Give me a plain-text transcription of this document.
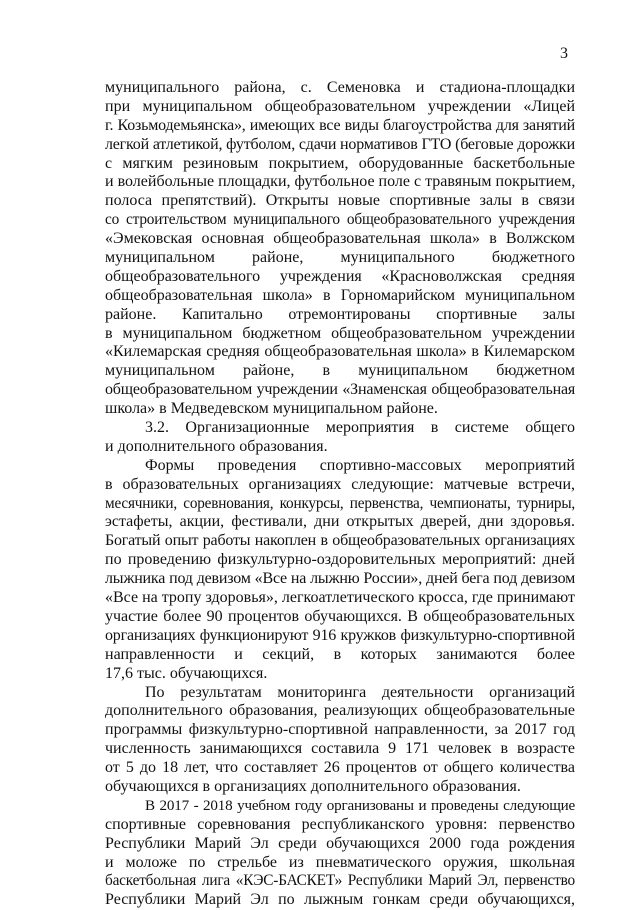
3
муниципального района, с. Семеновка и стадиона-площадки
при муниципальном общеобразовательном учреждении «Лицей
г. Козьмодемьянска», имеющих все виды благоустройства для занятий
легкой атлетикой, футболом, сдачи нормативов ГТО (беговые дорожки
с мягким резиновым покрытием, оборудованные баскетбольные
и волейбольные площадки, футбольное поле с травяным покрытием,
полоса препятствий). Открыты новые спортивные залы в связи
со строительством муниципального общеобразовательного учреждения
«Эмековская основная общеобразовательная школа» в Волжском
муниципальном районе, муниципального бюджетного
общеобразовательного учреждения «Красноволжская средняя
общеобразовательная школа» в Горномарийском муниципальном
районе. Капитально отремонтированы спортивные залы
в муниципальном бюджетном общеобразовательном учреждении
«Килемарская средняя общеобразовательная школа» в Килемарском
муниципальном районе, в муниципальном бюджетном
общеобразовательном учреждении «Знаменская общеобразовательная
школа» в Медведевском муниципальном районе.
3.2. Организационные мероприятия в системе общего
и дополнительного образования.
Формы проведения спортивно-массовых мероприятий
в образовательных организациях следующие: матчевые встречи,
месячники, соревнования, конкурсы, первенства, чемпионаты, турниры,
эстафеты, акции, фестивали, дни открытых дверей, дни здоровья.
Богатый опыт работы накоплен в общеобразовательных организациях
по проведению физкультурно-оздоровительных мероприятий: дней
лыжника под девизом «Все на лыжню России», дней бега под девизом
«Все на тропу здоровья», легкоатлетического кросса, где принимают
участие более 90 процентов обучающихся. В общеобразовательных
организациях функционируют 916 кружков физкультурно-спортивной
направленности и секций, в которых занимаются более
17,6 тыс. обучающихся.
По результатам мониторинга деятельности организаций
дополнительного образования, реализующих общеобразовательные
программы физкультурно-спортивной направленности, за 2017 год
численность занимающихся составила 9 171 человек в возрасте
от 5 до 18 лет, что составляет 26 процентов от общего количества
обучающихся в организациях дополнительного образования.
В 2017 - 2018 учебном году организованы и проведены следующие
спортивные соревнования республиканского уровня: первенство
Республики Марий Эл среди обучающихся 2000 года рождения
и моложе по стрельбе из пневматического оружия, школьная
баскетбольная лига «КЭС-БАСКЕТ» Республики Марий Эл, первенство
Республики Марий Эл по лыжным гонкам среди обучающихся,
